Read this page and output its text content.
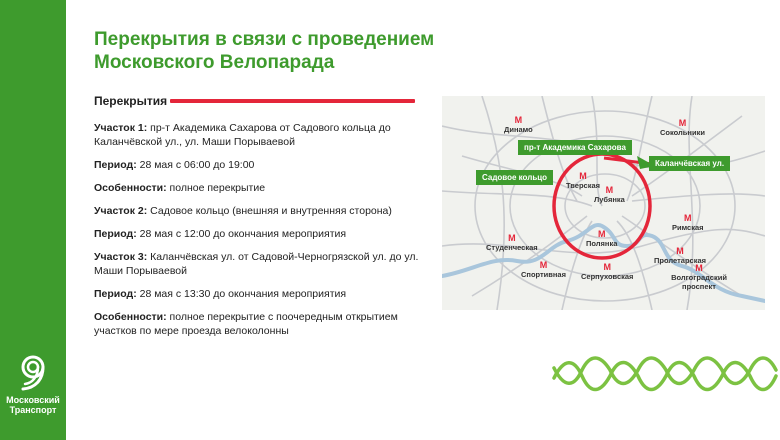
Московский
Транспорт
Перекрытия в связи с проведением Московского Велопарада
Перекрытия
Участок 1: пр-т Академика Сахарова от Садового кольца до Каланчёвской ул., ул. Маши Порываевой
Период: 28 мая с 06:00 до 19:00
Особенности: полное перекрытие
Участок 2: Садовое кольцо (внешняя и внутренняя сторона)
Период: 28 мая с 12:00 до окончания мероприятия
Участок 3: Каланчёвская ул. от Садовой-Черногрязской ул. до ул. Маши Порываевой
Период: 28 мая с 13:30 до окончания мероприятия
Особенности: полное перекрытие с поочередным открытием участков по мере проезда велоколонны
М
Динамо
М
Сокольники
М
Тверская М
Лубянка
М
Студенческая
М
Полянка
М
Римская
М
Пролетарская
М
Спортивная
М
Серпуховская
М
Волгоградский проспект
пр-т Академика Сахарова
Каланчёвская ул.
Садовое кольцо
